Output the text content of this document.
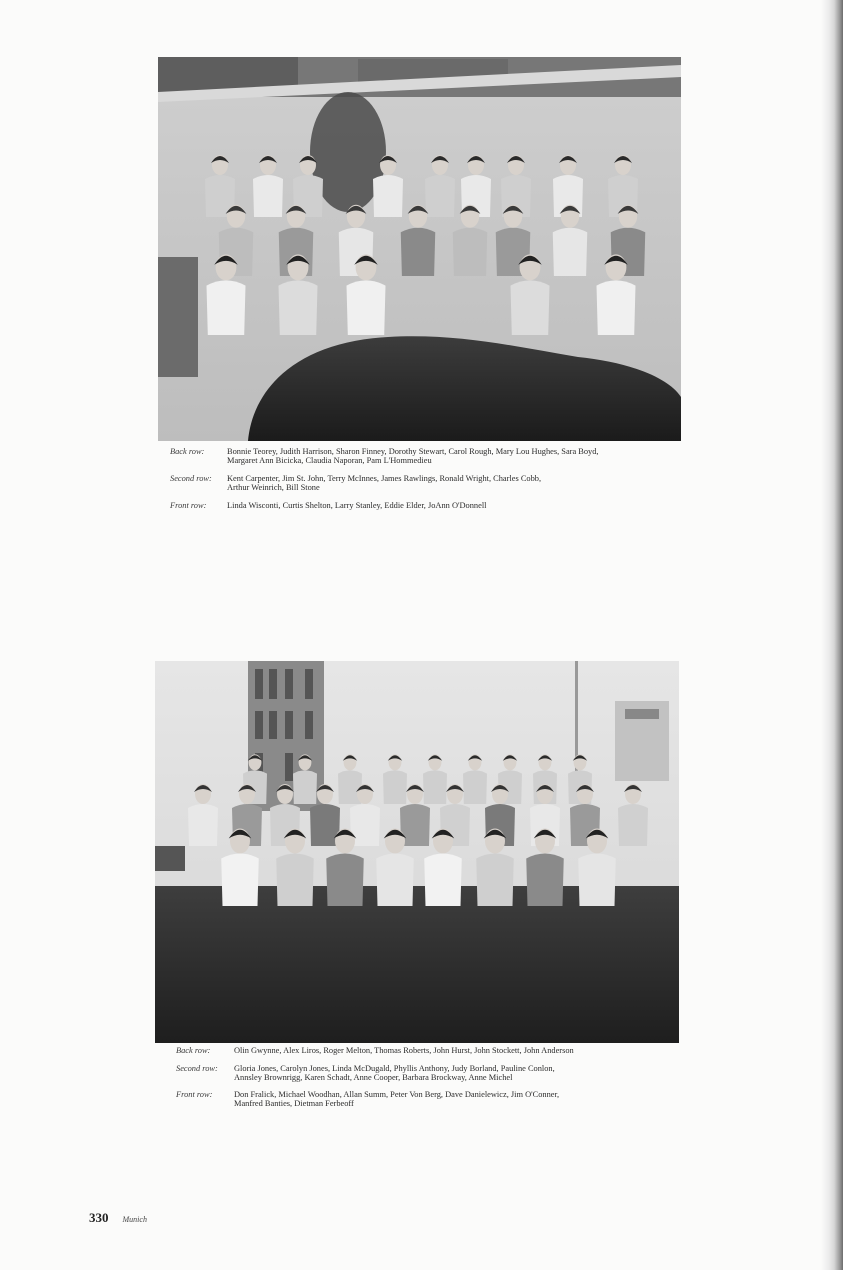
Back row:	Bonnie Teorey, Judith Harrison, Sharon Finney, Dorothy Stewart, Carol Rough, Mary Lou Hughes, Sara Boyd,
Margaret Ann Bicicka, Claudia Naporan, Pam L'Hommedieu
Second row: Kent Carpenter, Jim St. John, Terry McInnes, James Rawlings, Ronald Wright, Charles Cobb,
Arthur Weinrich, Bill Stone
Front row: Linda Wisconti, Curtis Shelton, Larry Stanley, Eddie Elder, JoAnn O'Donnell
Back row:	Olin Gwynne, Alex Liros, Roger Melton, Thomas Roberts, John Hurst, John Stockett, John Anderson
Second row: Gloria Jones, Carolyn Jones, Linda McDugald, Phyllis Anthony, Judy Borland, Pauline Conlon,
Annsley Brownrigg, Karen Schadt, Anne Cooper, Barbara Brockway, Anne Michel
Front row:	Don Fralick, Michael Woodhan, Allan Summ, Peter Von Berg, Dave Danielewicz, Jim O'Conner,
Manfred Banties, Dietman Ferbeoff
330 Munich
